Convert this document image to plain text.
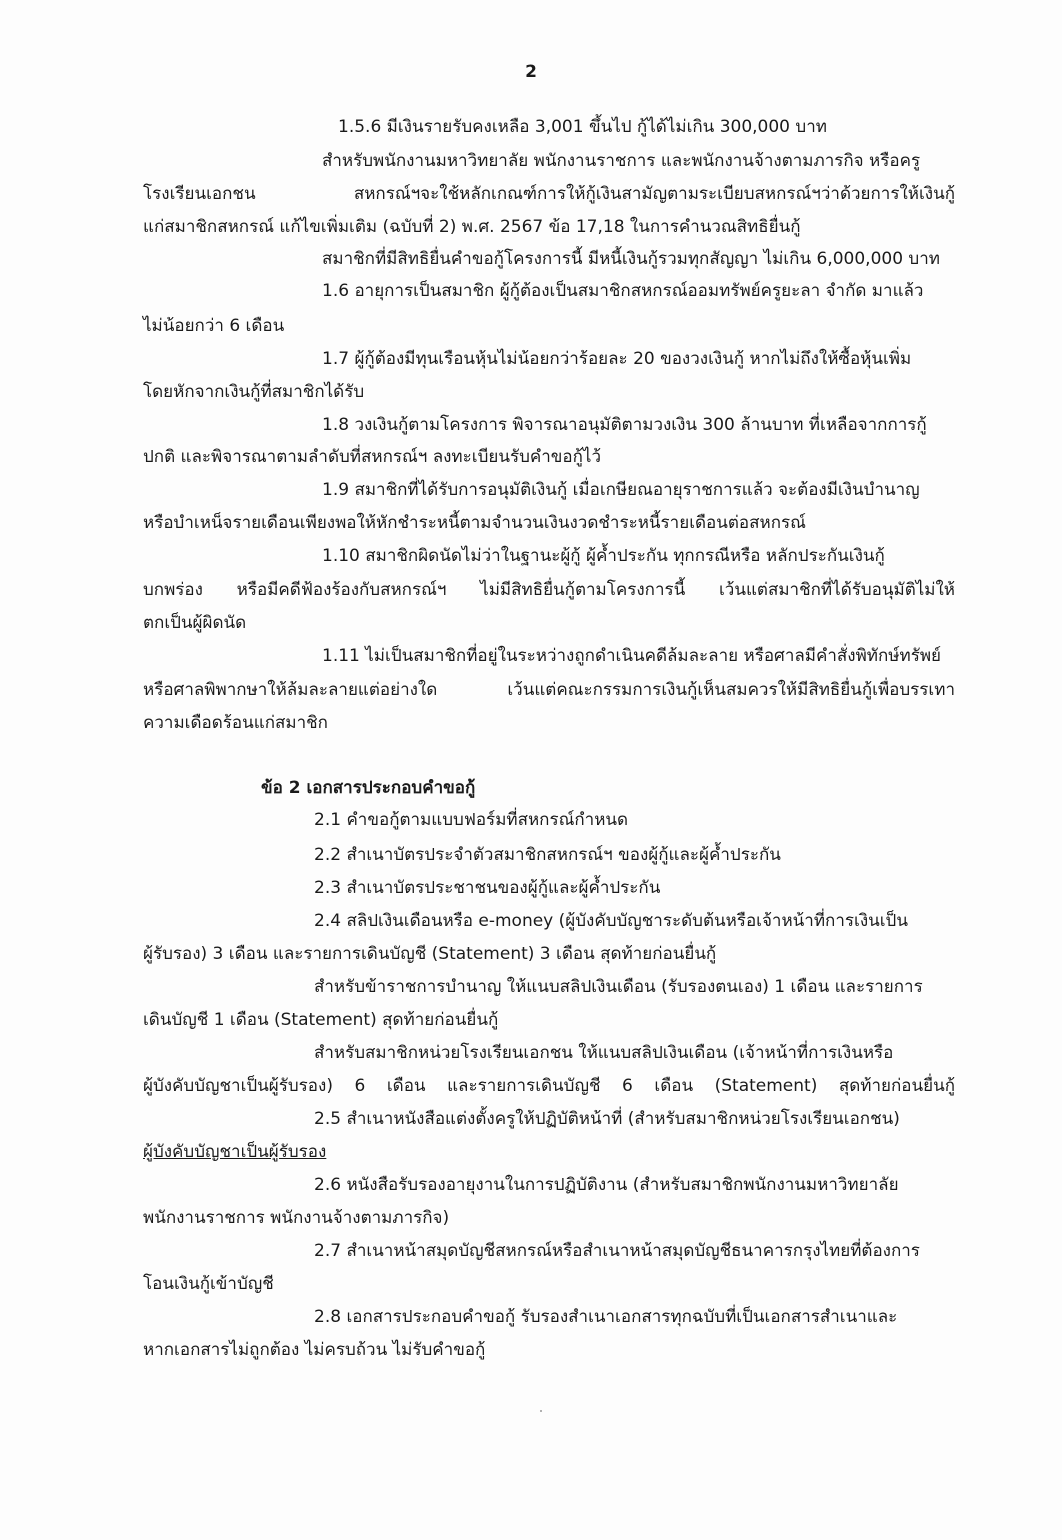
2
1.5.6 มีเงินรายรับคงเหลือ 3,001 ขึ้นไป กู้ได้ไม่เกิน 300,000 บาท
สำหรับพนักงานมหาวิทยาลัย พนักงานราชการ และพนักงานจ้างตามภารกิจ หรือครู
โรงเรียนเอกชน สหกรณ์ฯจะใช้หลักเกณฑ์การให้กู้เงินสามัญตามระเบียบสหกรณ์ฯว่าด้วยการให้เงินกู้
แก่สมาชิกสหกรณ์ แก้ไขเพิ่มเติม (ฉบับที่ 2) พ.ศ. 2567 ข้อ 17,18 ในการคำนวณสิทธิยื่นกู้
สมาชิกที่มีสิทธิยื่นคำขอกู้โครงการนี้ มีหนี้เงินกู้รวมทุกสัญญา ไม่เกิน 6,000,000 บาท
1.6 อายุการเป็นสมาชิก ผู้กู้ต้องเป็นสมาชิกสหกรณ์ออมทรัพย์ครูยะลา จำกัด มาแล้ว
ไม่น้อยกว่า 6 เดือน
1.7 ผู้กู้ต้องมีทุนเรือนหุ้นไม่น้อยกว่าร้อยละ 20 ของวงเงินกู้ หากไม่ถึงให้ซื้อหุ้นเพิ่ม
โดยหักจากเงินกู้ที่สมาชิกได้รับ
1.8 วงเงินกู้ตามโครงการ พิจารณาอนุมัติตามวงเงิน 300 ล้านบาท ที่เหลือจากการกู้
ปกติ และพิจารณาตามลำดับที่สหกรณ์ฯ ลงทะเบียนรับคำขอกู้ไว้
1.9 สมาชิกที่ได้รับการอนุมัติเงินกู้ เมื่อเกษียณอายุราชการแล้ว จะต้องมีเงินบำนาญ
หรือบำเหน็จรายเดือนเพียงพอให้หักชำระหนี้ตามจำนวนเงินงวดชำระหนี้รายเดือนต่อสหกรณ์
1.10 สมาชิกผิดนัดไม่ว่าในฐานะผู้กู้ ผู้ค้ำประกัน ทุกกรณีหรือ หลักประกันเงินกู้
บกพร่อง หรือมีคดีฟ้องร้องกับสหกรณ์ฯ ไม่มีสิทธิยื่นกู้ตามโครงการนี้ เว้นแต่สมาชิกที่ได้รับอนุมัติไม่ให้
ตกเป็นผู้ผิดนัด
1.11 ไม่เป็นสมาชิกที่อยู่ในระหว่างถูกดำเนินคดีล้มละลาย หรือศาลมีคำสั่งพิทักษ์ทรัพย์
หรือศาลพิพากษาให้ล้มละลายแต่อย่างใด เว้นแต่คณะกรรมการเงินกู้เห็นสมควรให้มีสิทธิยื่นกู้เพื่อบรรเทา
ความเดือดร้อนแก่สมาชิก
ข้อ 2 เอกสารประกอบคำขอกู้
2.1 คำขอกู้ตามแบบฟอร์มที่สหกรณ์กำหนด
2.2 สำเนาบัตรประจำตัวสมาชิกสหกรณ์ฯ ของผู้กู้และผู้ค้ำประกัน
2.3 สำเนาบัตรประชาชนของผู้กู้และผู้ค้ำประกัน
2.4 สลิปเงินเดือนหรือ e-money (ผู้บังคับบัญชาระดับต้นหรือเจ้าหน้าที่การเงินเป็น
ผู้รับรอง) 3 เดือน และรายการเดินบัญชี (Statement) 3 เดือน สุดท้ายก่อนยื่นกู้
สำหรับข้าราชการบำนาญ ให้แนบสลิปเงินเดือน (รับรองตนเอง) 1 เดือน และรายการ
เดินบัญชี 1 เดือน (Statement) สุดท้ายก่อนยื่นกู้
สำหรับสมาชิกหน่วยโรงเรียนเอกชน ให้แนบสลิปเงินเดือน (เจ้าหน้าที่การเงินหรือ
ผู้บังคับบัญชาเป็นผู้รับรอง) 6 เดือน และรายการเดินบัญชี 6 เดือน (Statement) สุดท้ายก่อนยื่นกู้
2.5 สำเนาหนังสือแต่งตั้งครูให้ปฏิบัติหน้าที่ (สำหรับสมาชิกหน่วยโรงเรียนเอกชน)
ผู้บังคับบัญชาเป็นผู้รับรอง
2.6 หนังสือรับรองอายุงานในการปฏิบัติงาน (สำหรับสมาชิกพนักงานมหาวิทยาลัย
พนักงานราชการ พนักงานจ้างตามภารกิจ)
2.7 สำเนาหน้าสมุดบัญชีสหกรณ์หรือสำเนาหน้าสมุดบัญชีธนาคารกรุงไทยที่ต้องการ
โอนเงินกู้เข้าบัญชี
2.8 เอกสารประกอบคำขอกู้ รับรองสำเนาเอกสารทุกฉบับที่เป็นเอกสารสำเนาและ
หากเอกสารไม่ถูกต้อง ไม่ครบถ้วน ไม่รับคำขอกู้
